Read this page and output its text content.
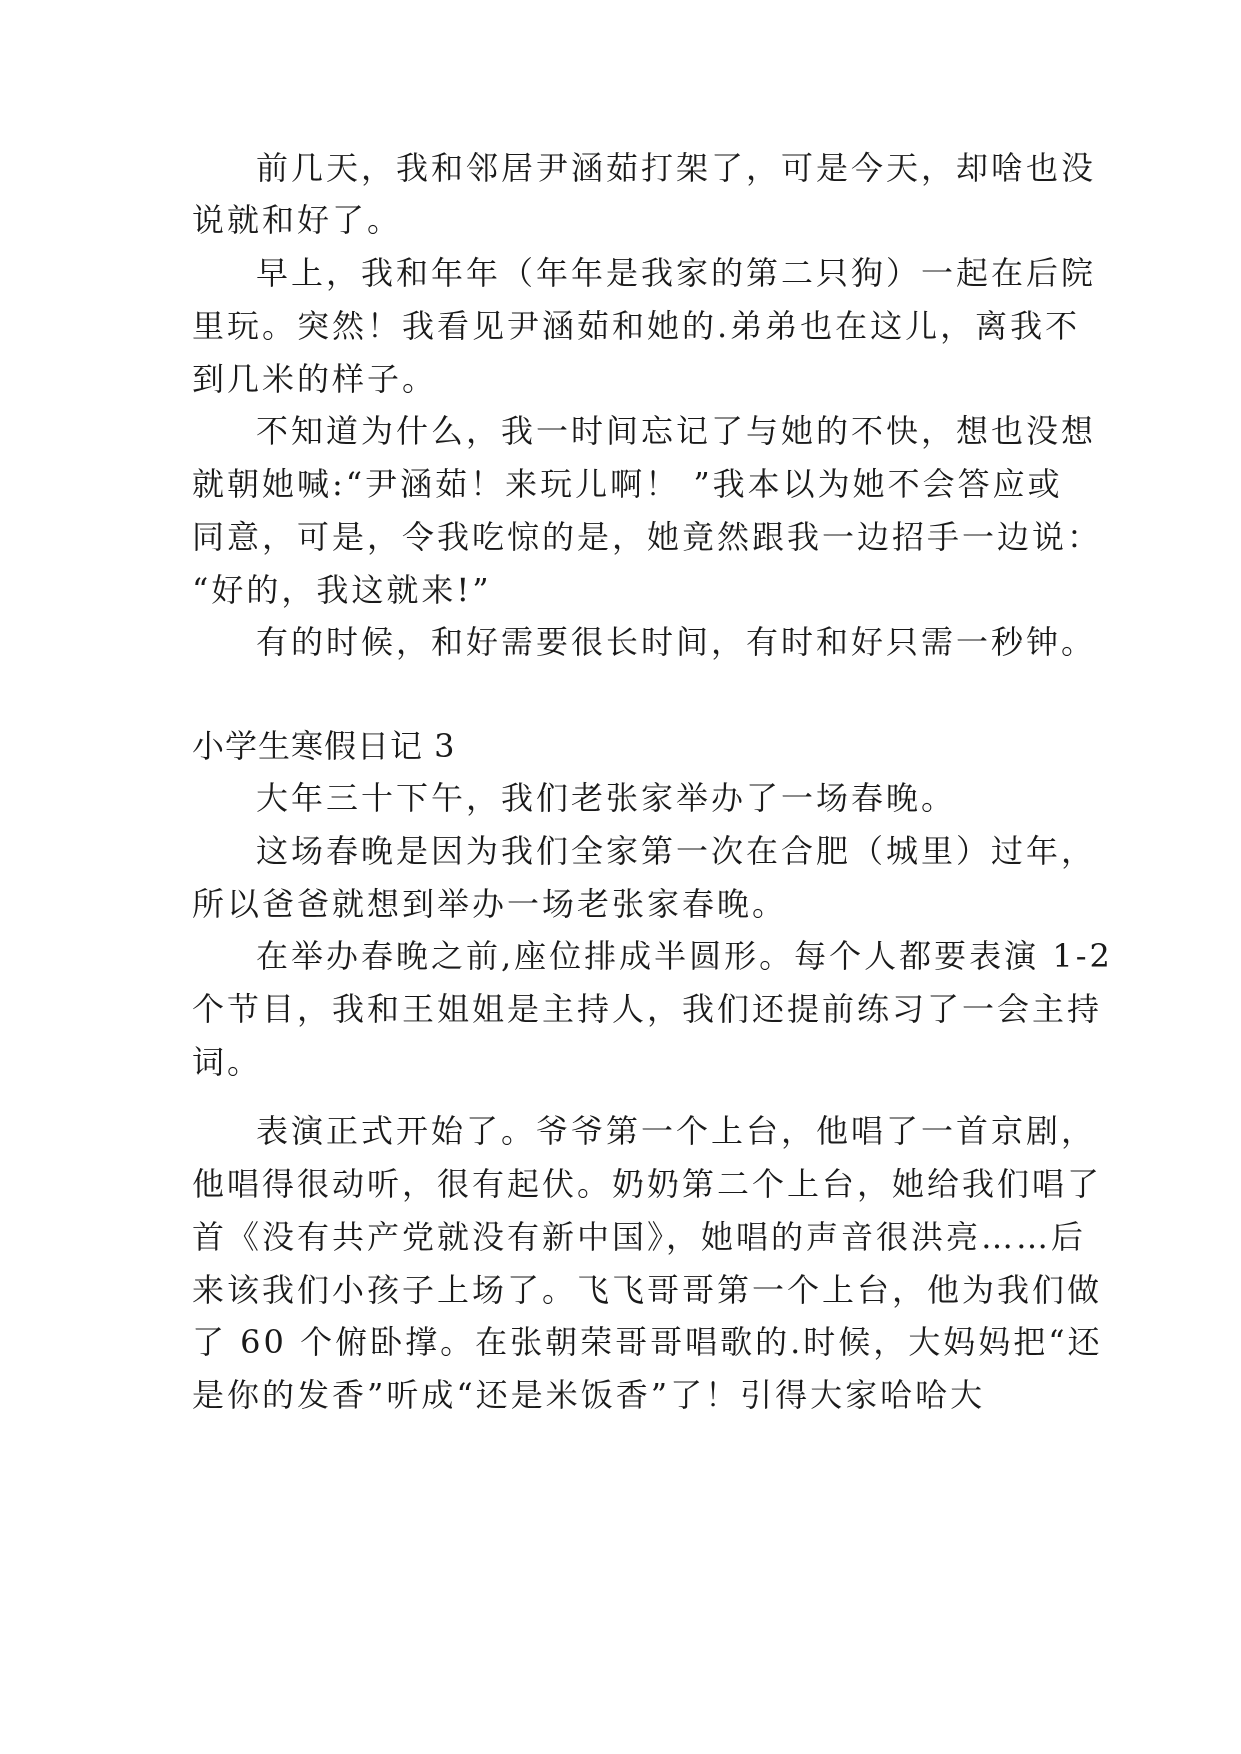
前几天，我和邻居尹涵茹打架了，可是今天，却啥也没
说就和好了。
早上，我和年年（年年是我家的第二只狗）一起在后院
里玩。突然！我看见尹涵茹和她的.弟弟也在这儿，离我不
到几米的样子。
不知道为什么，我一时间忘记了与她的不快，想也没想
就朝她喊:“尹涵茹！来玩儿啊！ ”我本以为她不会答应或
同意，可是，令我吃惊的是，她竟然跟我一边招手一边说：
“好的，我这就来!”
有的时候，和好需要很长时间，有时和好只需一秒钟。
小学生寒假日记 3
大年三十下午，我们老张家举办了一场春晚。
这场春晚是因为我们全家第一次在合肥（城里）过年，
所以爸爸就想到举办一场老张家春晚。
在举办春晚之前,座位排成半圆形。每个人都要表演 1-2
个节目，我和王姐姐是主持人，我们还提前练习了一会主持
词。
表演正式开始了。爷爷第一个上台，他唱了一首京剧，
他唱得很动听，很有起伏。奶奶第二个上台，她给我们唱了
首《没有共产党就没有新中国》，她唱的声音很洪亮……后
来该我们小孩子上场了。飞飞哥哥第一个上台，他为我们做
了 60 个俯卧撑。在张朝荣哥哥唱歌的.时候，大妈妈把“还
是你的发香”听成“还是米饭香”了！引得大家哈哈大
